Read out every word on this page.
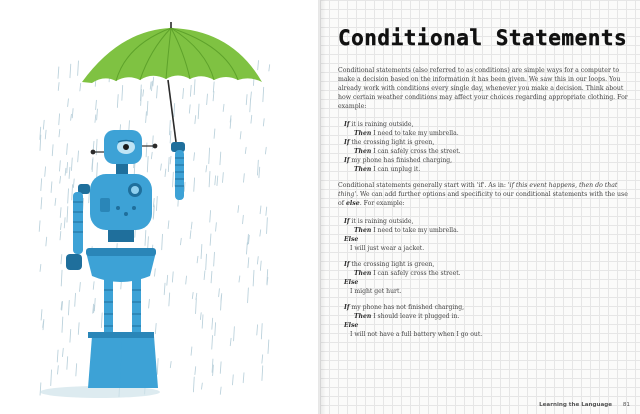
Conditional Statements

Conditional statements (also referred to as conditions) are simple ways for a computer to make a decision based on the information it has been given. We saw this in our loops. You already work with conditions every single day, whenever you make a decision. Think about how certain weather conditions may affect your choices regarding appropriate clothing. For example:

If it is raining outside,
Then I need to take my umbrella.
If the crossing light is green,
Then I can safely cross the street.
If my phone has finished charging,
Then I can unplug it.

Conditional statements generally start with 'if'. As in: 'if this event happens, then do that thing'. We can add further options and specificity to our conditional statements with the use of else. For example:

If it is raining outside,
Then I need to take my umbrella.
Else
I will just wear a jacket.
If the crossing light is green,
Then I can safely cross the street.
Else
I might get hurt.
If my phone has not finished charging,
Then I should leave it plugged in.
Else
I will not have a full battery when I go out.
Learning the Language 81
